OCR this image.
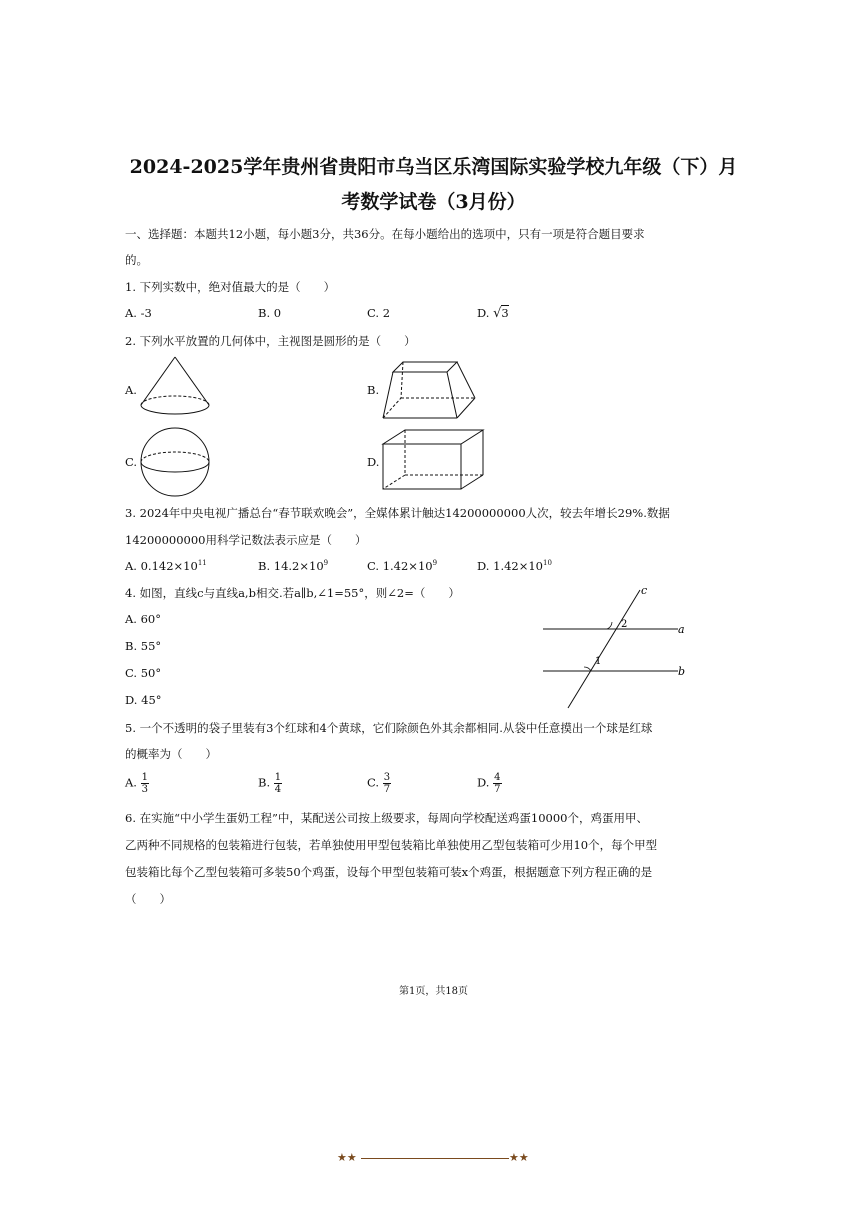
2024-2025学年贵州省贵阳市乌当区乐湾国际实验学校九年级（下）月
考数学试卷（3月份）
一、选择题：本题共12小题，每小题3分，共36分。在每小题给出的选项中，只有一项是符合题目要求
的。
1. 下列实数中，绝对值最大的是（　　）
A. -3	B. 0	C. 2	D. √3
2. 下列水平放置的几何体中，主视图是圆形的是（　　）
A.	B.
C.	D.
3. 2024年中央电视广播总台“春节联欢晚会”，全媒体累计触达14200000000人次，较去年增长29%.数据
14200000000用科学记数法表示应是（　　）
A. $0.142\times 10^{11}$	B. $14.2\times 10^9$	C. $1.42\times 10^9$	D. $1.42\times 10^{10}$
4. 如图，直线c与直线a,b相交.若a∥b,∠1=55°，则∠2=（　　）
A. 60°
B. 55°
C. 50°
D. 45°
c
a
b
2
1
5. 一个不透明的袋子里装有3个红球和4个黄球，它们除颜色外其余都相同.从袋中任意摸出一个球是红球
的概率为（　　）
A. $\frac{1}{3}$	B. $\frac{1}{4}$	C. $\frac{3}{7}$	D. $\frac{4}{7}$
6. 在实施“中小学生蛋奶工程”中，某配送公司按上级要求，每周向学校配送鸡蛋10000个，鸡蛋用甲、
乙两种不同规格的包装箱进行包装，若单独使用甲型包装箱比单独使用乙型包装箱可少用10个，每个甲型
包装箱比每个乙型包装箱可多装50个鸡蛋，设每个甲型包装箱可装x个鸡蛋，根据题意下列方程正确的是
（　　）
第1页，共18页
★★	★★
